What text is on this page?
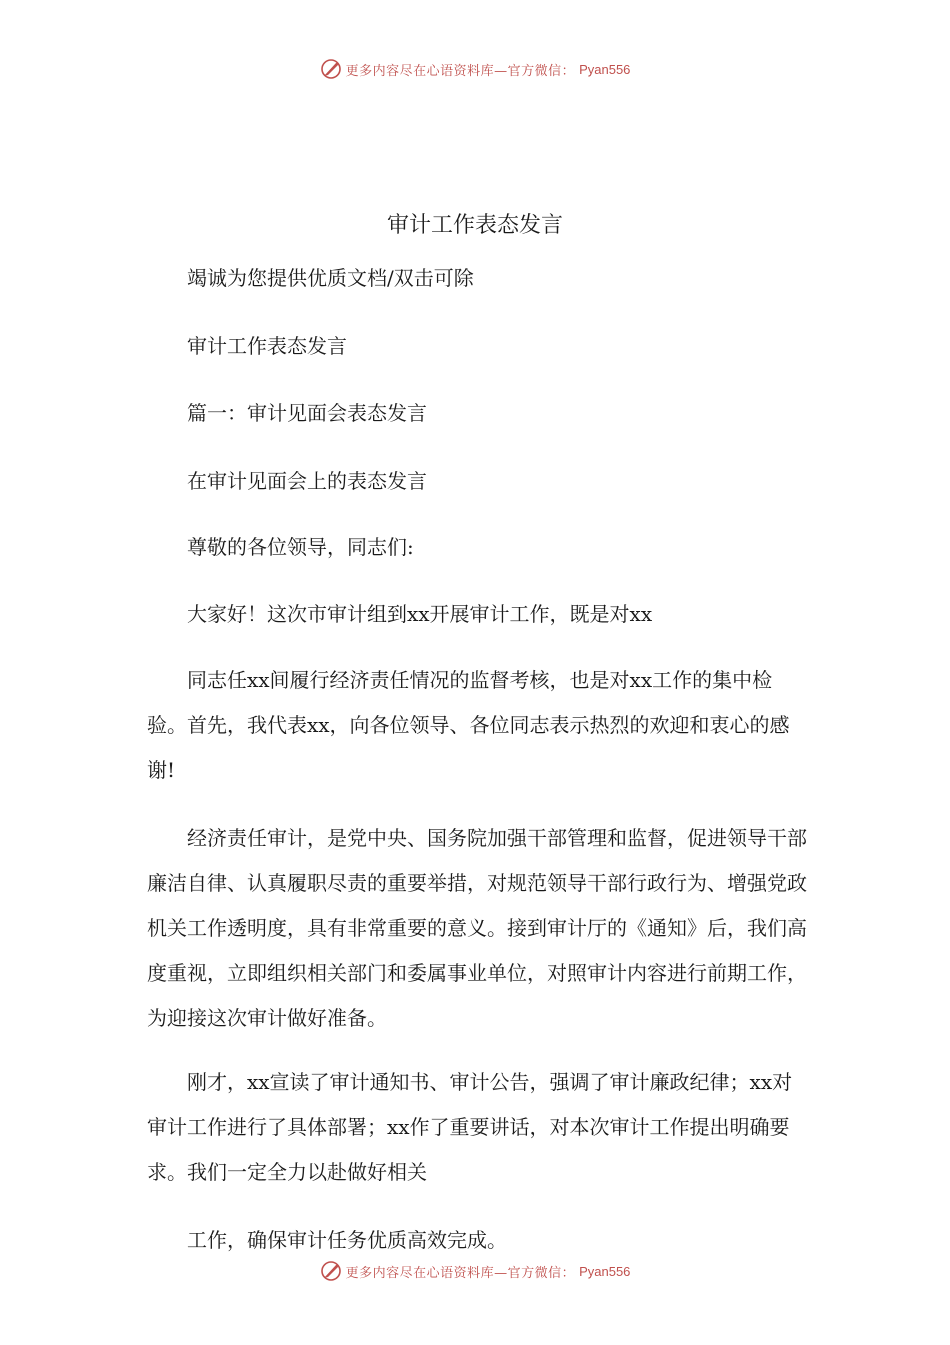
更多内容尽在心语资料库—官方微信： Pyan556
审计工作表态发言

竭诚为您提供优质文档/双击可除

审计工作表态发言

篇一：审计见面会表态发言

在审计见面会上的表态发言

尊敬的各位领导，同志们:

大家好！这次市审计组到xx开展审计工作，既是对xx

同志任xx间履行经济责任情况的监督考核，也是对xx工作的集中检验。首先，我代表xx，向各位领导、各位同志表示热烈的欢迎和衷心的感谢!

经济责任审计，是党中央、国务院加强干部管理和监督，促进领导干部廉洁自律、认真履职尽责的重要举措，对规范领导干部行政行为、增强党政机关工作透明度，具有非常重要的意义。接到审计厅的《通知》后，我们高度重视，立即组织相关部门和委属事业单位，对照审计内容进行前期工作，为迎接这次审计做好准备。

刚才，xx宣读了审计通知书、审计公告，强调了审计廉政纪律；xx对审计工作进行了具体部署；xx作了重要讲话，对本次审计工作提出明确要求。我们一定全力以赴做好相关

工作，确保审计任务优质高效完成。

更多内容尽在心语资料库—官方微信： Pyan556
